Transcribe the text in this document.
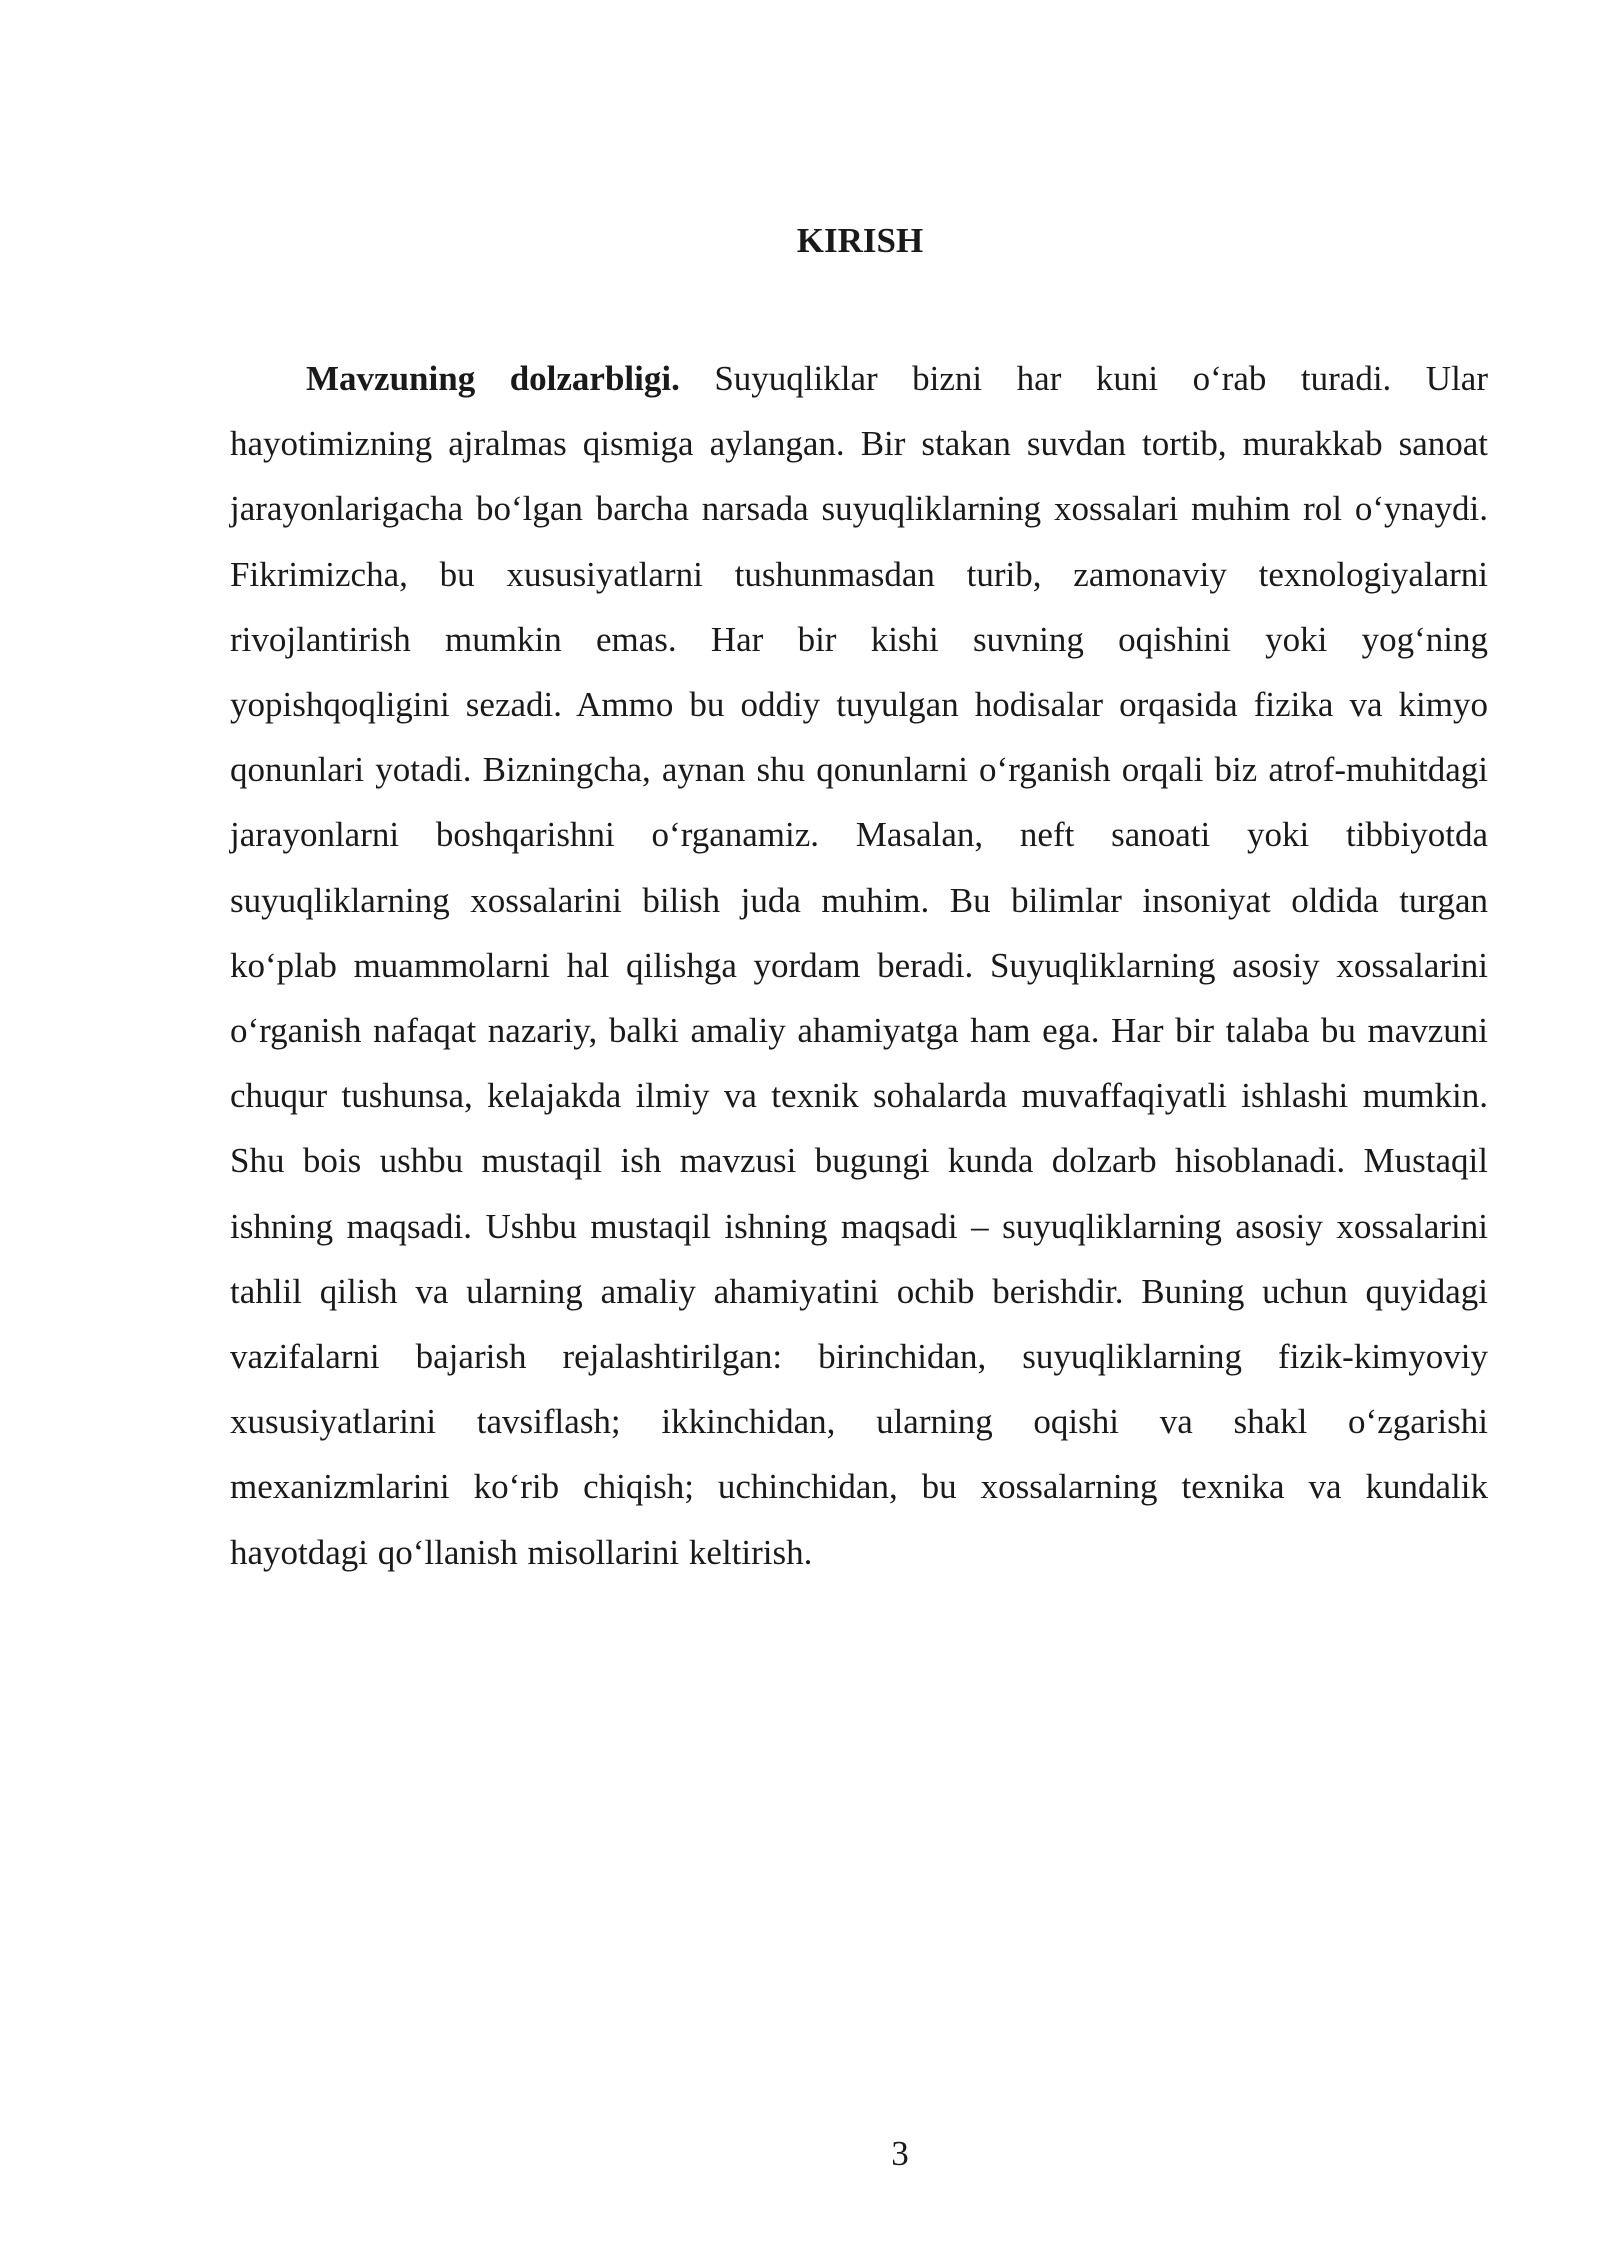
KIRISH

Mavzuning dolzarbligi. Suyuqliklar bizni har kuni o‘rab turadi. Ular hayotimizning ajralmas qismiga aylangan. Bir stakan suvdan tortib, murakkab sanoat jarayonlarigacha bo‘lgan barcha narsada suyuqliklarning xossalari muhim rol o‘ynaydi. Fikrimizcha, bu xususiyatlarni tushunmasdan turib, zamonaviy texnologiyalarni rivojlantirish mumkin emas. Har bir kishi suvning oqishini yoki yog‘ning yopishqoqligini sezadi. Ammo bu oddiy tuyulgan hodisalar orqasida fizika va kimyo qonunlari yotadi. Bizningcha, aynan shu qonunlarni o‘rganish orqali biz atrof-muhitdagi jarayonlarni boshqarishni o‘rganamiz. Masalan, neft sanoati yoki tibbiyotda suyuqliklarning xossalarini bilish juda muhim. Bu bilimlar insoniyat oldida turgan ko‘plab muammolarni hal qilishga yordam beradi. Suyuqliklarning asosiy xossalarini o‘rganish nafaqat nazariy, balki amaliy ahamiyatga ham ega. Har bir talaba bu mavzuni chuqur tushunsa, kelajakda ilmiy va texnik sohalarda muvaffaqiyatli ishlashi mumkin. Shu bois ushbu mustaqil ish mavzusi bugungi kunda dolzarb hisoblanadi. Mustaqil ishning maqsadi. Ushbu mustaqil ishning maqsadi – suyuqliklarning asosiy xossalarini tahlil qilish va ularning amaliy ahamiyatini ochib berishdir. Buning uchun quyidagi vazifalarni bajarish rejalashtirilgan: birinchidan, suyuqliklarning fizik-kimyoviy xususiyatlarini tavsiflash; ikkinchidan, ularning oqishi va shakl o‘zgarishi mexanizmlarini ko‘rib chiqish; uchinchidan, bu xossalarning texnika va kundalik hayotdagi qo‘llanish misollarini keltirish.

3
